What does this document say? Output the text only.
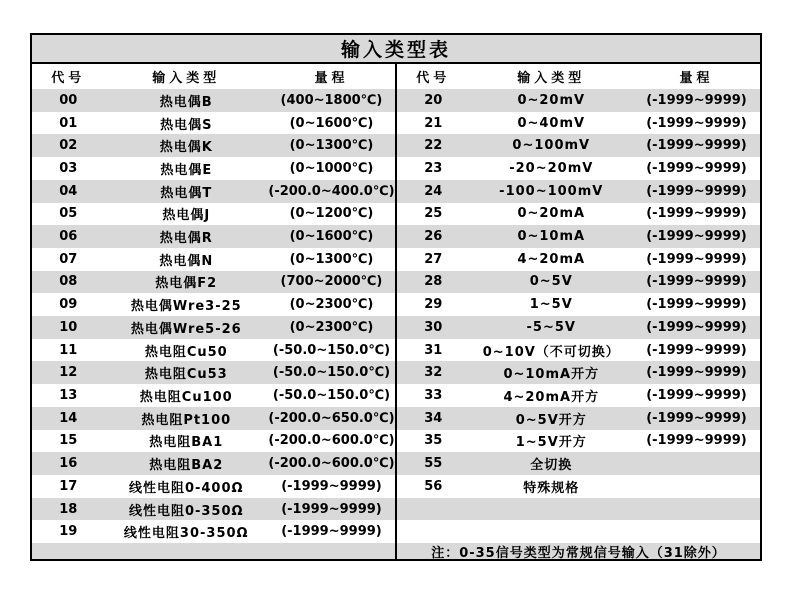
输入类型表
代号	输入类型	量程
00	热电偶B	(400~1800℃)
01	热电偶S	(0~1600℃)
02	热电偶K	(0~1300℃)
03	热电偶E	(0~1000℃)
04	热电偶T	(-200.0~400.0℃)
05	热电偶J	(0~1200℃)
06	热电偶R	(0~1600℃)
07	热电偶N	(0~1300℃)
08	热电偶F2	(700~2000℃)
09	热电偶Wre3-25	(0~2300℃)
10	热电偶Wre5-26	(0~2300℃)
11	热电阻Cu50	(-50.0~150.0℃)
12	热电阻Cu53	(-50.0~150.0℃)
13	热电阻Cu100	(-50.0~150.0℃)
14	热电阻Pt100	(-200.0~650.0℃)
15	热电阻BA1	(-200.0~600.0℃)
16	热电阻BA2	(-200.0~600.0℃)
17	线性电阻0-400Ω	(-1999~9999)
18	线性电阻0-350Ω	(-1999~9999)
19	线性电阻30-350Ω	(-1999~9999)
代号	输入类型	量程
20	0~20mV	(-1999~9999)
21	0~40mV	(-1999~9999)
22	0~100mV	(-1999~9999)
23	-20~20mV	(-1999~9999)
24	-100~100mV	(-1999~9999)
25	0~20mA	(-1999~9999)
26	0~10mA	(-1999~9999)
27	4~20mA	(-1999~9999)
28	0~5V	(-1999~9999)
29	1~5V	(-1999~9999)
30	-5~5V	(-1999~9999)
31	0~10V（不可切换）	(-1999~9999)
32	0~10mA开方	(-1999~9999)
33	4~20mA开方	(-1999~9999)
34	0~5V开方	(-1999~9999)
35	1~5V开方	(-1999~9999)
55	全切换
56	特殊规格
注：0-35信号类型为常规信号输入（31除外）
